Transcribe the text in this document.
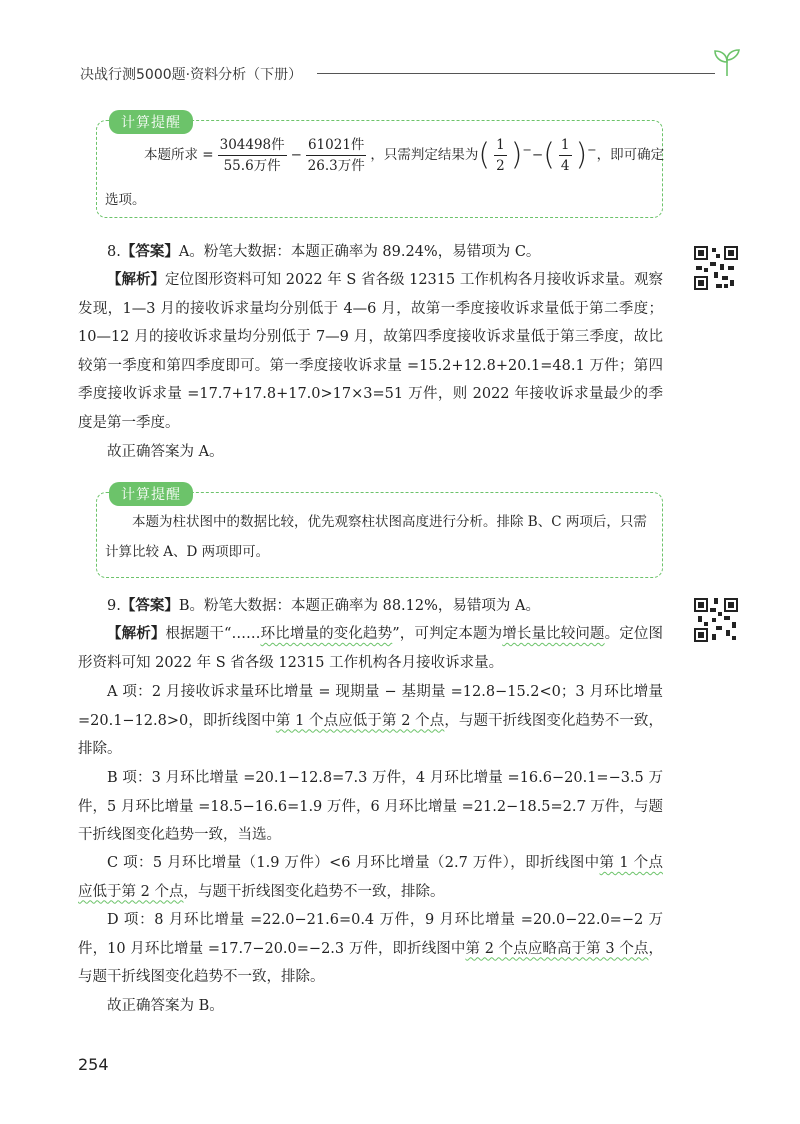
决战行测5000题·资料分析（下册）
计算提醒
本题所求 = $\frac{\text{304498件}}{\text{55.6万件}} - \frac{\text{61021件}}{\text{26.3万件}}$ ，只需判定结果为( $\frac{1}{2} )^--( \frac{1}{4} )^-$，即可确定
选项。
8.【答案】A。粉笔大数据：本题正确率为 89.24%，易错项为 C。
【解析】定位图形资料可知 2022 年 S 省各级 12315 工作机构各月接收诉求量。观察发现，1—3 月的接收诉求量均分别低于 4—6 月，故第一季度接收诉求量低于第二季度；10—12 月的接收诉求量均分别低于 7—9 月，故第四季度接收诉求量低于第三季度，故比较第一季度和第四季度即可。第一季度接收诉求量 =15.2+12.8+20.1=48.1 万件；第四季度接收诉求量 =17.7+17.8+17.0>17×3=51 万件，则 2022 年接收诉求量最少的季度是第一季度。
故正确答案为 A。
计算提醒
本题为柱状图中的数据比较，优先观察柱状图高度进行分析。排除 B、C 两项后，只需计算比较 A、D 两项即可。
9.【答案】B。粉笔大数据：本题正确率为 88.12%，易错项为 A。
【解析】根据题干“……环比增量的变化趋势”，可判定本题为增长量比较问题。定位图形资料可知 2022 年 S 省各级 12315 工作机构各月接收诉求量。
A 项：2 月接收诉求量环比增量 = 现期量 − 基期量 =12.8−15.2<0；3 月环比增量 =20.1−12.8>0，即折线图中第 1 个点应低于第 2 个点，与题干折线图变化趋势不一致，排除。
B 项：3 月环比增量 =20.1−12.8=7.3 万件，4 月环比增量 =16.6−20.1=−3.5 万件，5 月环比增量 =18.5−16.6=1.9 万件，6 月环比增量 =21.2−18.5=2.7 万件，与题干折线图变化趋势一致，当选。
C 项：5 月环比增量（1.9 万件）<6 月环比增量（2.7 万件），即折线图中第 1 个点应低于第 2 个点，与题干折线图变化趋势不一致，排除。
D 项：8 月环比增量 =22.0−21.6=0.4 万件，9 月环比增量 =20.0−22.0=−2 万件，10 月环比增量 =17.7−20.0=−2.3 万件，即折线图中第 2 个点应略高于第 3 个点，与题干折线图变化趋势不一致，排除。
故正确答案为 B。
254
